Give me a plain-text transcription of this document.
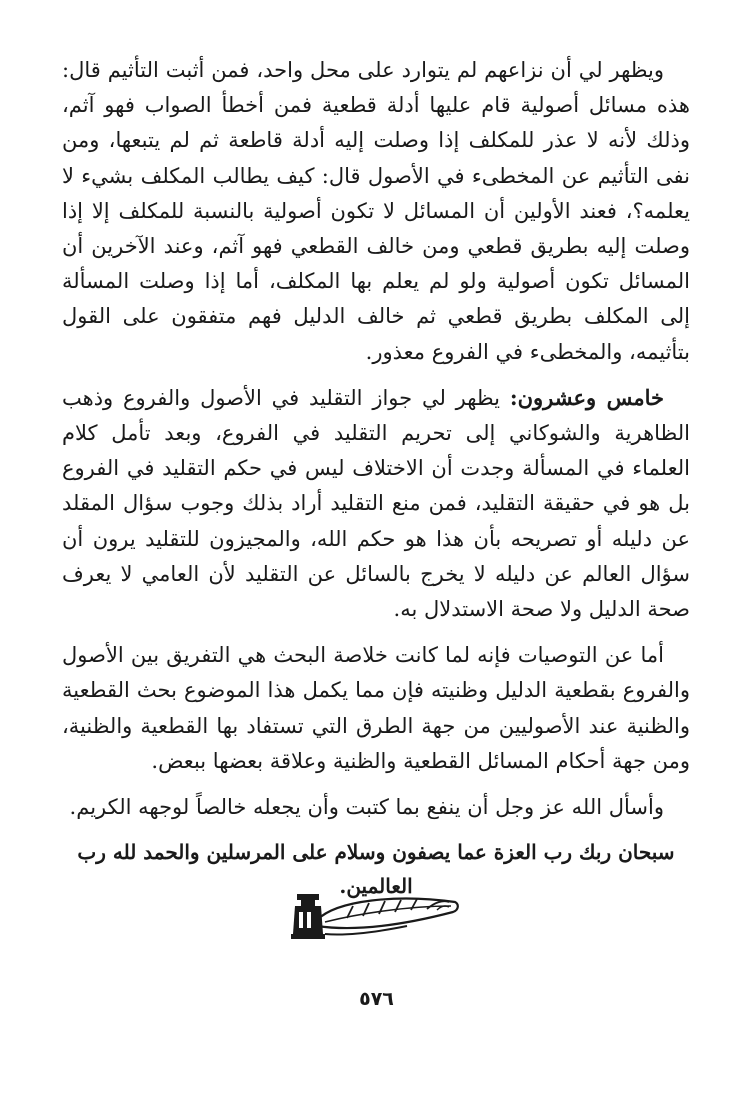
ويظهر لي أن نزاعهم لم يتوارد على محل واحد، فمن أثبت التأثيم قال: هذه مسائل أصولية قام عليها أدلة قطعية فمن أخطأ الصواب فهو آثم، وذلك لأنه لا عذر للمكلف إذا وصلت إليه أدلة قاطعة ثم لم يتبعها، ومن نفى التأثيم عن المخطىء في الأصول قال: كيف يطالب المكلف بشيء لا يعلمه؟، فعند الأولين أن المسائل لا تكون أصولية بالنسبة للمكلف إلا إذا وصلت إليه بطريق قطعي ومن خالف القطعي فهو آثم، وعند الآخرين أن المسائل تكون أصولية ولو لم يعلم بها المكلف، أما إذا وصلت المسألة إلى المكلف بطريق قطعي ثم خالف الدليل فهم متفقون على القول بتأثيمه، والمخطىء في الفروع معذور.

خامس وعشرون: يظهر لي جواز التقليد في الأصول والفروع وذهب الظاهرية والشوكاني إلى تحريم التقليد في الفروع، وبعد تأمل كلام العلماء في المسألة وجدت أن الاختلاف ليس في حكم التقليد في الفروع بل هو في حقيقة التقليد، فمن منع التقليد أراد بذلك وجوب سؤال المقلد عن دليله أو تصريحه بأن هذا هو حكم الله، والمجيزون للتقليد يرون أن سؤال العالم عن دليله لا يخرج بالسائل عن التقليد لأن العامي لا يعرف صحة الدليل ولا صحة الاستدلال به.

أما عن التوصيات فإنه لما كانت خلاصة البحث هي التفريق بين الأصول والفروع بقطعية الدليل وظنيته فإن مما يكمل هذا الموضوع بحث القطعية والظنية عند الأصوليين من جهة الطرق التي تستفاد بها القطعية والظنية، ومن جهة أحكام المسائل القطعية والظنية وعلاقة بعضها ببعض.

وأسأل الله عز وجل أن ينفع بما كتبت وأن يجعله خالصاً لوجهه الكريم.

سبحان ربك رب العزة عما يصفون وسلام على المرسلين والحمد لله رب العالمين.

٥٧٦
